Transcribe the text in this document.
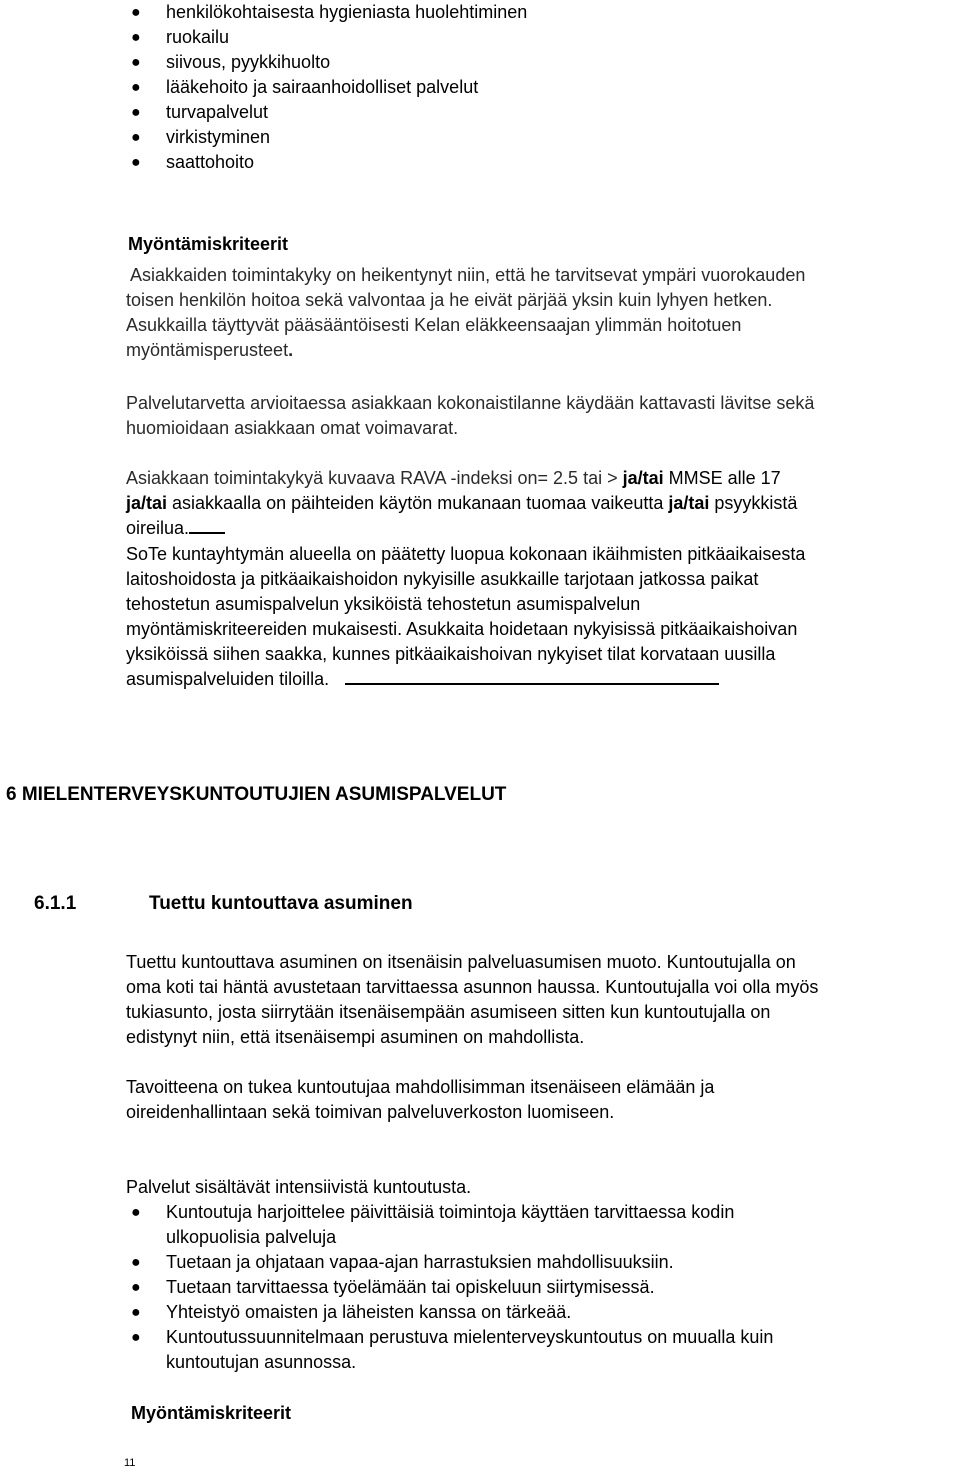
● henkilökohtaisesta hygieniasta huolehtiminen
● ruokailu
● siivous, pyykkihuolto
● lääkehoito ja sairaanhoidolliset palvelut
● turvapalvelut
● virkistyminen
● saattohoito
Myöntämiskriteerit
Asiakkaiden toimintakyky on heikentynyt niin, että he tarvitsevat ympäri vuorokauden
toisen henkilön hoitoa sekä valvontaa ja he eivät pärjää yksin kuin lyhyen hetken.
Asukkailla täyttyvät pääsääntöisesti Kelan eläkkeensaajan ylimmän hoitotuen
myöntämisperusteet.
Palvelutarvetta arvioitaessa asiakkaan kokonaistilanne käydään kattavasti lävitse sekä
huomioidaan asiakkaan omat voimavarat.
Asiakkaan toimintakykyä kuvaava RAVA -indeksi on= 2.5 tai > ja/tai MMSE alle 17
ja/tai asiakkaalla on päihteiden käytön mukanaan tuomaa vaikeutta ja/tai psyykkistä
oireilua.
SoTe kuntayhtymän alueella on päätetty luopua kokonaan ikäihmisten pitkäaikaisesta
laitoshoidosta ja pitkäaikaishoidon nykyisille asukkaille tarjotaan jatkossa paikat
tehostetun asumispalvelun yksiköistä tehostetun asumispalvelun
myöntämiskriteereiden mukaisesti. Asukkaita hoidetaan nykyisissä pitkäaikaishoivan
yksiköissä siihen saakka, kunnes pitkäaikaishoivan nykyiset tilat korvataan uusilla
asumispalveluiden tiloilla.
6 MIELENTERVEYSKUNTOUTUJIEN ASUMISPALVELUT
6.1.1	Tuettu kuntouttava asuminen
Tuettu kuntouttava asuminen on itsenäisin palveluasumisen muoto. Kuntoutujalla on
oma koti tai häntä avustetaan tarvittaessa asunnon haussa. Kuntoutujalla voi olla myös
tukiasunto, josta siirrytään itsenäisempään asumiseen sitten kun kuntoutujalla on
edistynyt niin, että itsenäisempi asuminen on mahdollista.
Tavoitteena on tukea kuntoutujaa mahdollisimman itsenäiseen elämään ja
oireidenhallintaan sekä toimivan palveluverkoston luomiseen.
Palvelut sisältävät intensiivistä kuntoutusta.
● Kuntoutuja harjoittelee päivittäisiä toimintoja käyttäen tarvittaessa kodin
ulkopuolisia palveluja
● Tuetaan ja ohjataan vapaa-ajan harrastuksien mahdollisuuksiin.
● Tuetaan tarvittaessa työelämään tai opiskeluun siirtymisessä.
● Yhteistyö omaisten ja läheisten kanssa on tärkeää.
● Kuntoutussuunnitelmaan perustuva mielenterveyskuntoutus on muualla kuin
kuntoutujan asunnossa.
Myöntämiskriteerit
11
